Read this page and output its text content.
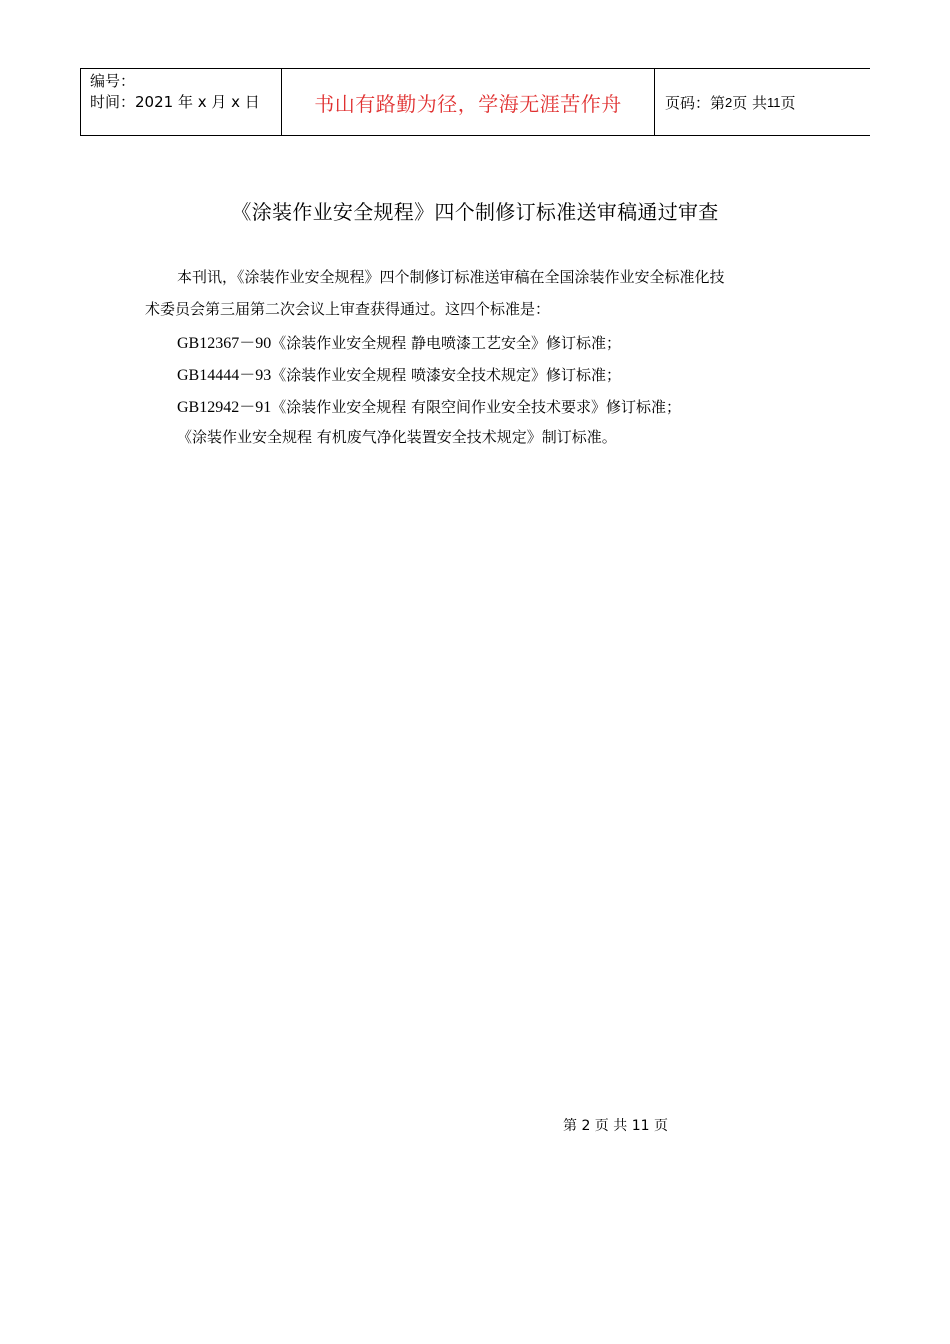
编号：
时间：2021 年 x 月 x 日	书山有路勤为径，学海无涯苦作舟	页码：第 2 页 共 11 页
《涂装作业安全规程》四个制修订标准送审稿通过审查
本刊讯，《涂装作业安全规程》四个制修订标准送审稿在全国涂装作业安全标准化技
术委员会第三届第二次会议上审查获得通过。这四个标准是：
GB12367－90《涂装作业安全规程 静电喷漆工艺安全》修订标准；
GB14444－93《涂装作业安全规程 喷漆安全技术规定》修订标准；
GB12942－91《涂装作业安全规程 有限空间作业安全技术要求》修订标准；
《涂装作业安全规程 有机废气净化装置安全技术规定》制订标准。
第 2 页 共 11 页
